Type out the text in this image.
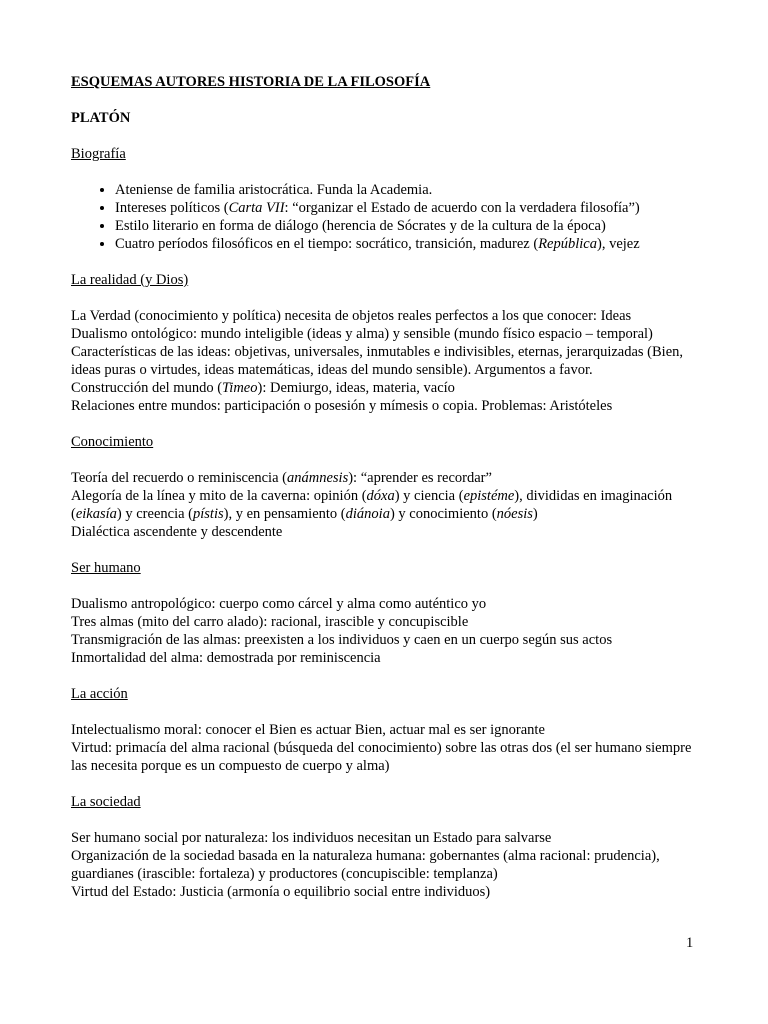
ESQUEMAS AUTORES HISTORIA DE LA FILOSOFÍA
PLATÓN
Biografía
• Ateniense de familia aristocrática. Funda la Academia.
• Intereses políticos (Carta VII: “organizar el Estado de acuerdo con la verdadera filosofía”)
• Estilo literario en forma de diálogo (herencia de Sócrates y de la cultura de la época)
• Cuatro períodos filosóficos en el tiempo: socrático, transición, madurez (República), vejez
La realidad (y Dios)
La Verdad (conocimiento y política) necesita de objetos reales perfectos a los que conocer: Ideas
Dualismo ontológico: mundo inteligible (ideas y alma) y sensible (mundo físico espacio – temporal)
Características de las ideas: objetivas, universales, inmutables e indivisibles, eternas, jerarquizadas (Bien, ideas puras o virtudes, ideas matemáticas, ideas del mundo sensible). Argumentos a favor.
Construcción del mundo (Timeo): Demiurgo, ideas, materia, vacío
Relaciones entre mundos: participación o posesión y mímesis o copia. Problemas: Aristóteles
Conocimiento
Teoría del recuerdo o reminiscencia (anámnesis): “aprender es recordar”
Alegoría de la línea y mito de la caverna: opinión (dóxa) y ciencia (epistéme), divididas en imaginación (eikasía) y creencia (pístis), y en pensamiento (diánoia) y conocimiento (nóesis)
Dialéctica ascendente y descendente
Ser humano
Dualismo antropológico: cuerpo como cárcel y alma como auténtico yo
Tres almas (mito del carro alado): racional, irascible y concupiscible
Transmigración de las almas: preexisten a los individuos y caen en un cuerpo según sus actos
Inmortalidad del alma: demostrada por reminiscencia
La acción
Intelectualismo moral: conocer el Bien es actuar Bien, actuar mal es ser ignorante
Virtud: primacía del alma racional (búsqueda del conocimiento) sobre las otras dos (el ser humano siempre las necesita porque es un compuesto de cuerpo y alma)
La sociedad
Ser humano social por naturaleza: los individuos necesitan un Estado para salvarse
Organización de la sociedad basada en la naturaleza humana: gobernantes (alma racional: prudencia), guardianes (irascible: fortaleza) y productores (concupiscible: templanza)
Virtud del Estado: Justicia (armonía o equilibrio social entre individuos)
1
